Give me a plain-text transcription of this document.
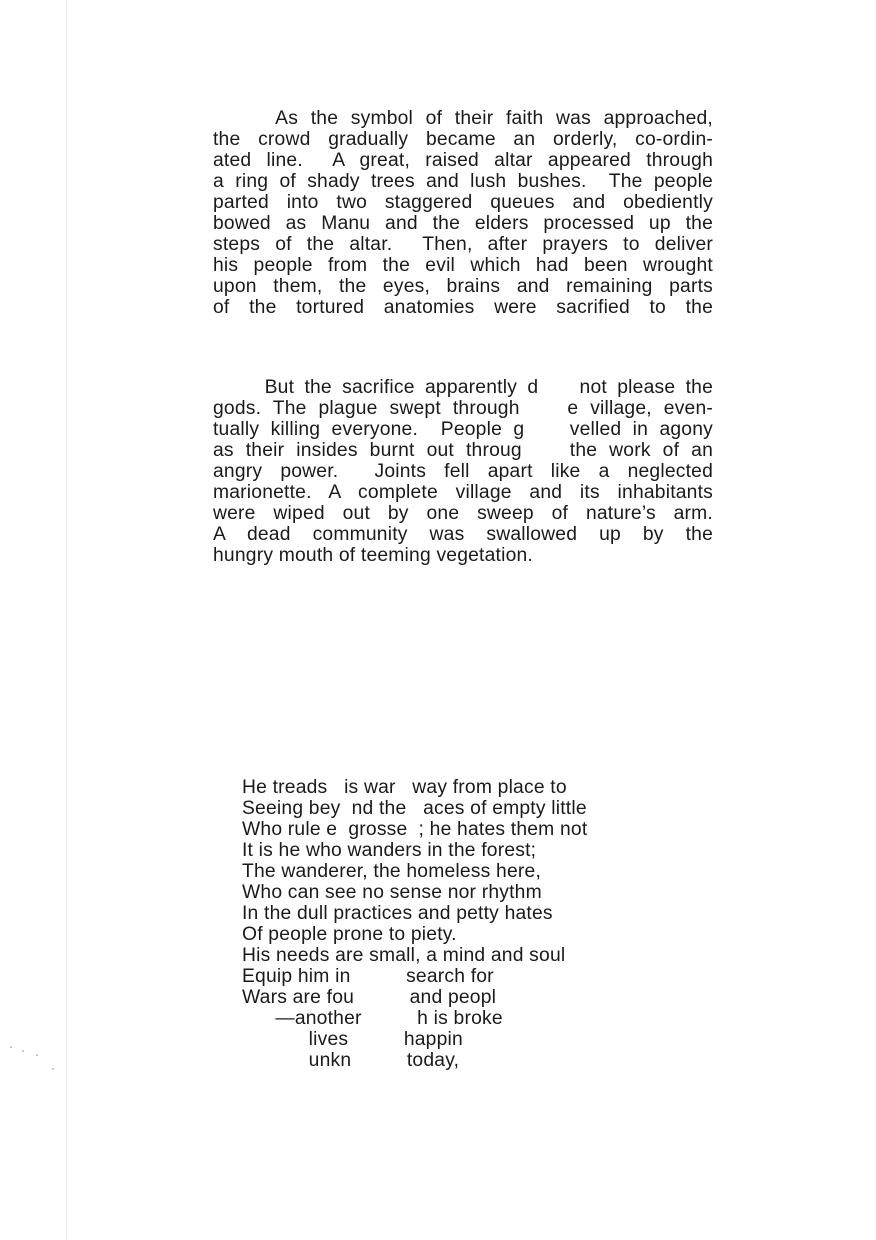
As the symbol of their faith was approached,
the crowd gradually became an orderly, co-ordin-
ated line.  A great, raised altar appeared through
a ring of shady trees and lush bushes.  The people
parted into two staggered queues and obediently
bowed as Manu and the elders processed up the
steps of the altar.  Then, after prayers to deliver
his people from the evil which had been wrought
upon them, the eyes, brains and remaining parts
of the tortured anatomies were sacrified to the
But the sacrifice apparently d    not please the
gods. The plague swept through    e village, even-
tually killing everyone.  People g    velled in agony
as their insides burnt out throug    the work of an
angry power.  Joints fell apart like a neglected
marionette. A complete village and its inhabitants
were wiped out by one sweep of nature’s arm.
A dead community was swallowed up by the
hungry mouth of teeming vegetation.
He treads   is war   way from place to
Seeing bey  nd the   aces of empty little
Who rule e  grosse  ; he hates them not
It is he who wanders in the forest;
The wanderer, the homeless here,
Who can see no sense nor rhythm
In the dull practices and petty hates
Of people prone to piety.
His needs are small, a mind and soul
Equip him in          search for
Wars are fou          and peopl
—another          h is broke
lives          happin
unkn          today,
